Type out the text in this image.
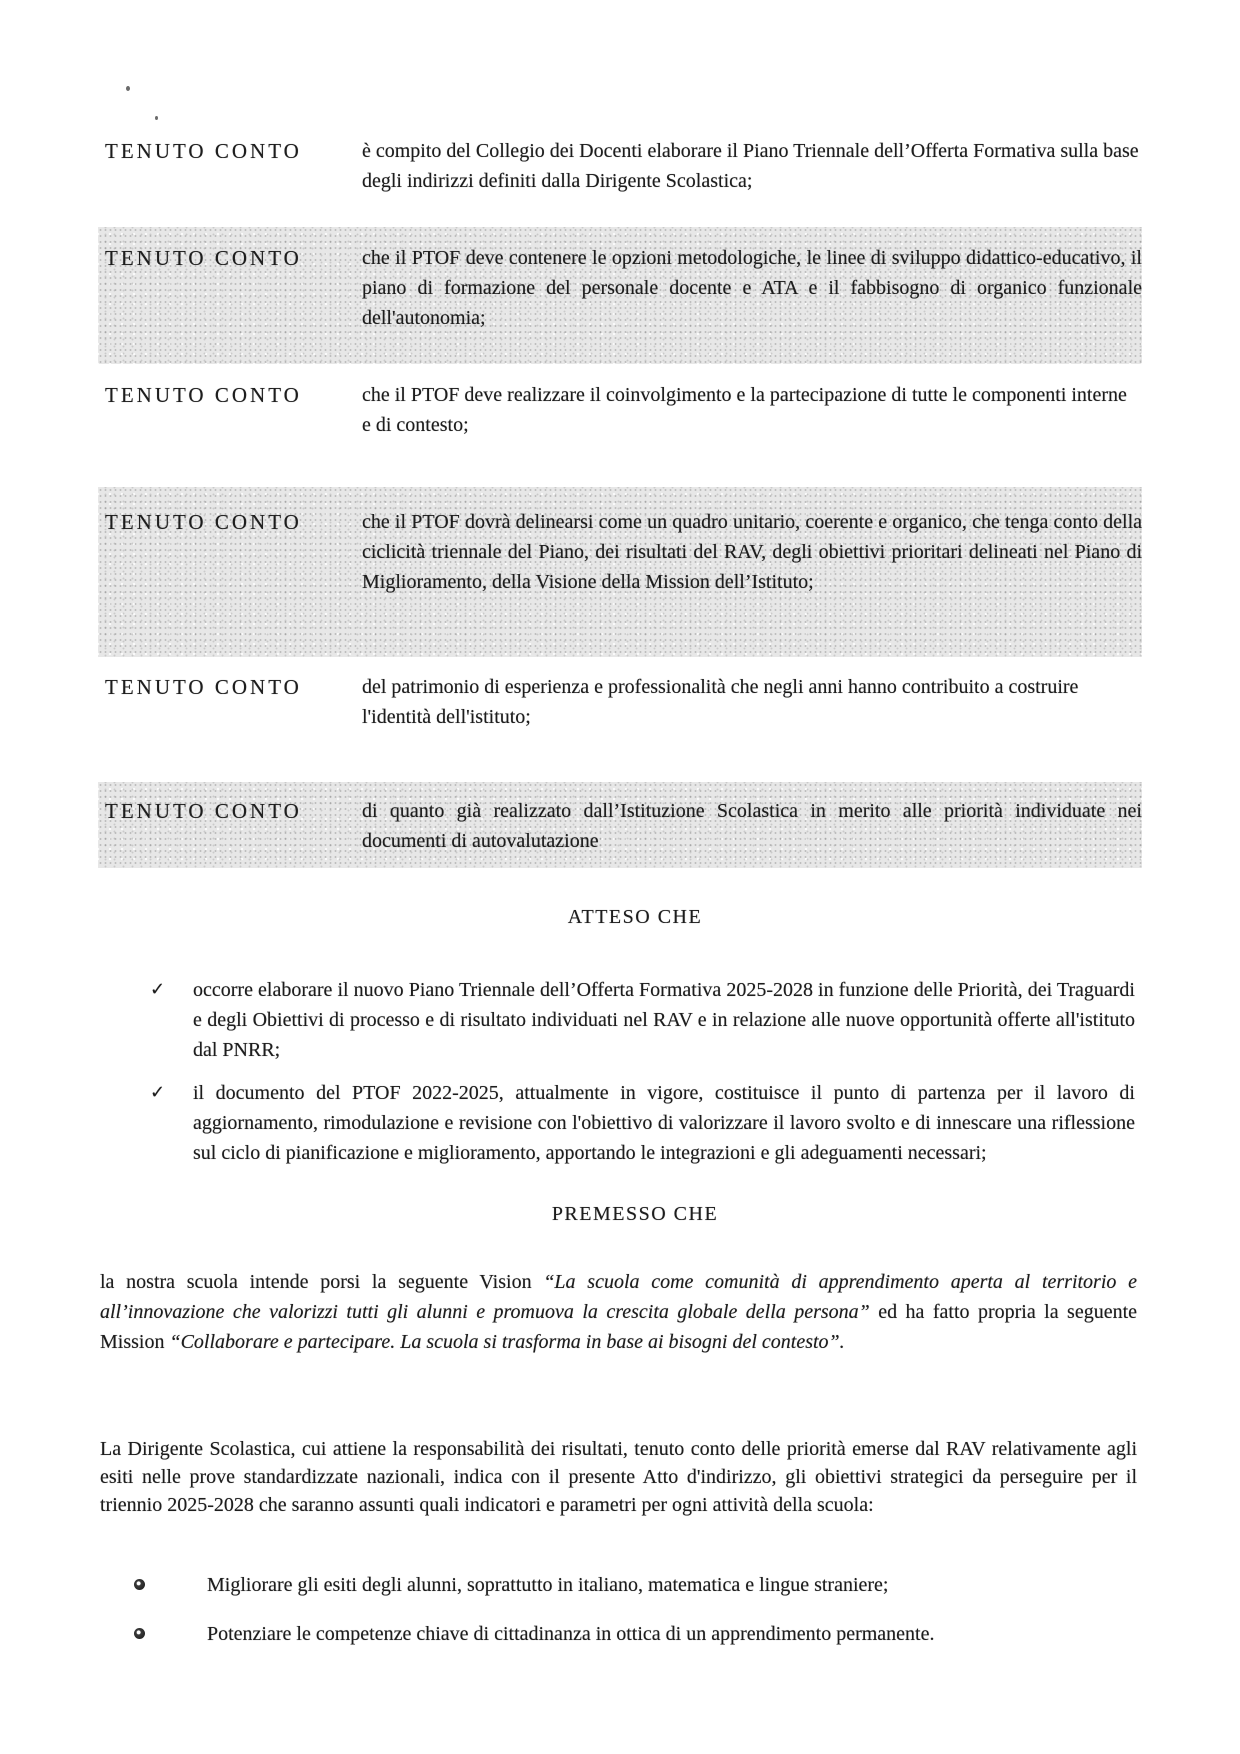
TENUTO CONTO	è compito del Collegio dei Docenti elaborare il Piano Triennale dell’Offerta Formativa sulla base degli indirizzi definiti dalla Dirigente Scolastica;
TENUTO CONTO	che il PTOF deve contenere le opzioni metodologiche, le linee di sviluppo didattico-educativo, il piano di formazione del personale docente e ATA e il fabbisogno di organico funzionale dell'autonomia;
TENUTO CONTO	che il PTOF deve realizzare il coinvolgimento e la partecipazione di tutte le componenti interne e di contesto;
TENUTO CONTO	che il PTOF dovrà delinearsi come un quadro unitario, coerente e organico, che tenga conto della ciclicità triennale del Piano, dei risultati del RAV, degli obiettivi prioritari delineati nel Piano di Miglioramento, della Visione della Mission dell’Istituto;
TENUTO CONTO	del patrimonio di esperienza e professionalità che negli anni hanno contribuito a costruire l'identità dell'istituto;
TENUTO CONTO	di quanto già realizzato dall’Istituzione Scolastica in merito alle priorità individuate nei documenti di autovalutazione
ATTESO CHE
✓	occorre elaborare il nuovo Piano Triennale dell’Offerta Formativa 2025-2028 in funzione delle Priorità, dei Traguardi e degli Obiettivi di processo e di risultato individuati nel RAV e in relazione alle nuove opportunità offerte all'istituto dal PNRR;
✓	il documento del PTOF 2022-2025, attualmente in vigore, costituisce il punto di partenza per il lavoro di aggiornamento, rimodulazione e revisione con l'obiettivo di valorizzare il lavoro svolto e di innescare una riflessione sul ciclo di pianificazione e miglioramento, apportando le integrazioni e gli adeguamenti necessari;
PREMESSO CHE
la nostra scuola intende porsi la seguente Vision “La scuola come comunità di apprendimento aperta al territorio e all’innovazione che valorizzi tutti gli alunni e promuova la crescita globale della persona” ed ha fatto propria la seguente Mission “Collaborare e partecipare. La scuola si trasforma in base ai bisogni del contesto”.
La Dirigente Scolastica, cui attiene la responsabilità dei risultati, tenuto conto delle priorità emerse dal RAV relativamente agli esiti nelle prove standardizzate nazionali, indica con il presente Atto d'indirizzo, gli obiettivi strategici da perseguire per il triennio 2025-2028 che saranno assunti quali indicatori e parametri per ogni attività della scuola:
Migliorare gli esiti degli alunni, soprattutto in italiano, matematica e lingue straniere;
Potenziare le competenze chiave di cittadinanza in ottica di un apprendimento permanente.
